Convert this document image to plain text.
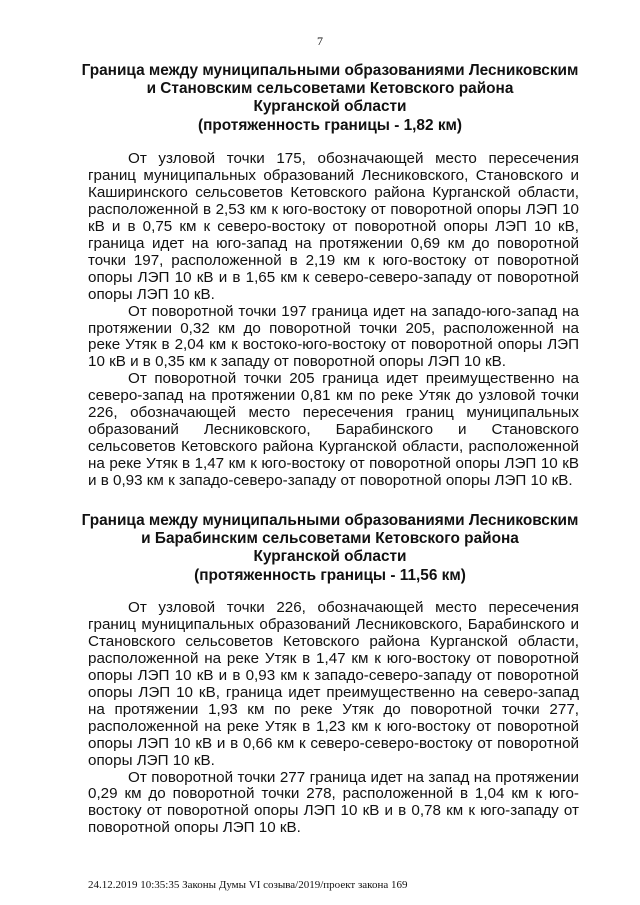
7
Граница между муниципальными образованиями Лесниковским
и Становским сельсоветами Кетовского района
Курганской области
(протяженность границы - 1,82 км)

От узловой точки 175, обозначающей место пересечения границ муниципальных образований Лесниковского, Становского и Каширинского сельсоветов Кетовского района Курганской области, расположенной в 2,53 км к юго-востоку от поворотной опоры ЛЭП 10 кВ и в 0,75 км к северо-востоку от поворотной опоры ЛЭП 10 кВ, граница идет на юго-запад на протяжении 0,69 км до поворотной точки 197, расположенной в 2,19 км к юго-востоку от поворотной опоры ЛЭП 10 кВ и в 1,65 км к северо-северо-западу от поворотной опоры ЛЭП 10 кВ.

От поворотной точки 197 граница идет на западо-юго-запад на протяжении 0,32 км до поворотной точки 205, расположенной на реке Утяк в 2,04 км к востоко-юго-востоку от поворотной опоры ЛЭП 10 кВ и в 0,35 км к западу от поворотной опоры ЛЭП 10 кВ.

От поворотной точки 205 граница идет преимущественно на северо-запад на протяжении 0,81 км по реке Утяк до узловой точки 226, обозначающей место пересечения границ муниципальных образований Лесниковского, Барабинского и Становского сельсоветов Кетовского района Курганской области, расположенной на реке Утяк в 1,47 км к юго-востоку от поворотной опоры ЛЭП 10 кВ и в 0,93 км к западо-северо-западу от поворотной опоры ЛЭП 10 кВ.

Граница между муниципальными образованиями Лесниковским
и Барабинским сельсоветами Кетовского района
Курганской области
(протяженность границы - 11,56 км)

От узловой точки 226, обозначающей место пересечения границ муниципальных образований Лесниковского, Барабинского и Становского сельсоветов Кетовского района Курганской области, расположенной на реке Утяк в 1,47 км к юго-востоку от поворотной опоры ЛЭП 10 кВ и в 0,93 км к западо-северо-западу от поворотной опоры ЛЭП 10 кВ, граница идет преимущественно на северо-запад на протяжении 1,93 км по реке Утяк до поворотной точки 277, расположенной на реке Утяк в 1,23 км к юго-востоку от поворотной опоры ЛЭП 10 кВ и в 0,66 км к северо-северо-востоку от поворотной опоры ЛЭП 10 кВ.

От поворотной точки 277 граница идет на запад на протяжении 0,29 км до поворотной точки 278, расположенной в 1,04 км к юго-востоку от поворотной опоры ЛЭП 10 кВ и в 0,78 км к юго-западу от поворотной опоры ЛЭП 10 кВ.

24.12.2019 10:35:35 Законы Думы VI созыва/2019/проект закона 169
